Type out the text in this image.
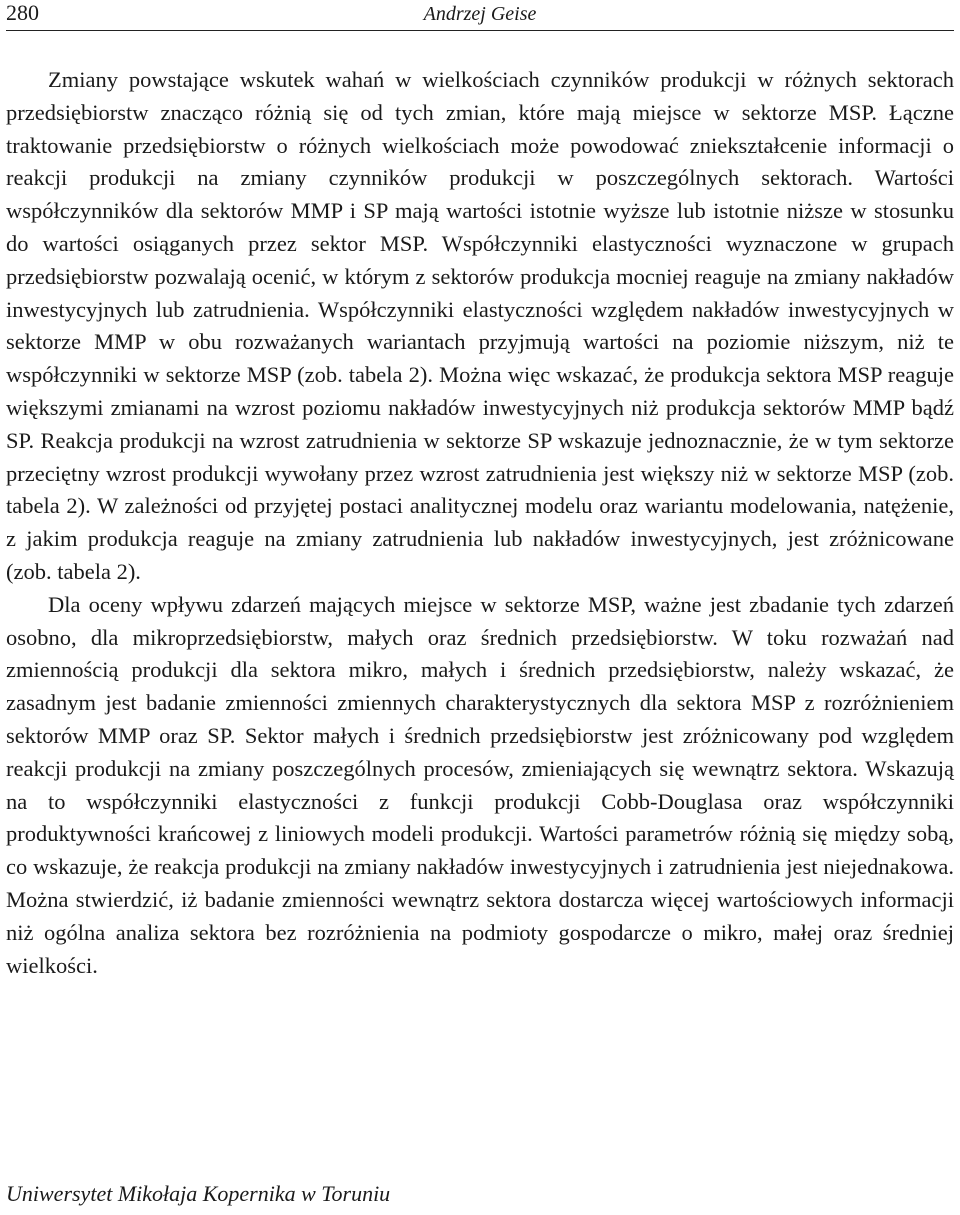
280	Andrzej Geise

Zmiany powstające wskutek wahań w wielkościach czynników produkcji w różnych sektorach przedsiębiorstw znacząco różnią się od tych zmian, które mają miejsce w sektorze MSP. Łączne traktowanie przedsiębiorstw o różnych wielkościach może powodować zniekształcenie informacji o reakcji produkcji na zmiany czynników produkcji w poszczególnych sektorach. Wartości współczynników dla sektorów MMP i SP mają wartości istotnie wyższe lub istotnie niższe w stosunku do wartości osiąganych przez sektor MSP. Współczynniki elastyczności wyznaczone w grupach przedsiębiorstw pozwalają ocenić, w którym z sektorów produkcja mocniej reaguje na zmiany nakładów inwestycyjnych lub zatrudnienia. Współczynniki elastyczności względem nakładów inwestycyjnych w sektorze MMP w obu rozważanych wariantach przyjmują wartości na poziomie niższym, niż te współczynniki w sektorze MSP (zob. tabela 2). Można więc wskazać, że produkcja sektora MSP reaguje większymi zmianami na wzrost poziomu nakładów inwestycyjnych niż produkcja sektorów MMP bądź SP. Reakcja produkcji na wzrost zatrudnienia w sektorze SP wskazuje jednoznacznie, że w tym sektorze przeciętny wzrost produkcji wywołany przez wzrost zatrudnienia jest większy niż w sektorze MSP (zob. tabela 2). W zależności od przyjętej postaci analitycznej modelu oraz wariantu modelowania, natężenie, z jakim produkcja reaguje na zmiany zatrudnienia lub nakładów inwestycyjnych, jest zróżnicowane (zob. tabela 2).

Dla oceny wpływu zdarzeń mających miejsce w sektorze MSP, ważne jest zbadanie tych zdarzeń osobno, dla mikroprzedsiębiorstw, małych oraz średnich przedsiębiorstw. W toku rozważań nad zmiennością produkcji dla sektora mikro, małych i średnich przedsiębiorstw, należy wskazać, że zasadnym jest badanie zmienności zmiennych charakterystycznych dla sektora MSP z rozróżnieniem sektorów MMP oraz SP. Sektor małych i średnich przedsiębiorstw jest zróżnicowany pod względem reakcji produkcji na zmiany poszczególnych procesów, zmieniających się wewnątrz sektora. Wskazują na to współczynniki elastyczności z funkcji produkcji Cobb-Douglasa oraz współczynniki produktywności krańcowej z liniowych modeli produkcji. Wartości parametrów różnią się między sobą, co wskazuje, że reakcja produkcji na zmiany nakładów inwestycyjnych i zatrudnienia jest niejednakowa. Można stwierdzić, iż badanie zmienności wewnątrz sektora dostarcza więcej wartościowych informacji niż ogólna analiza sektora bez rozróżnienia na podmioty gospodarcze o mikro, małej oraz średniej wielkości.

Uniwersytet Mikołaja Kopernika w Toruniu
